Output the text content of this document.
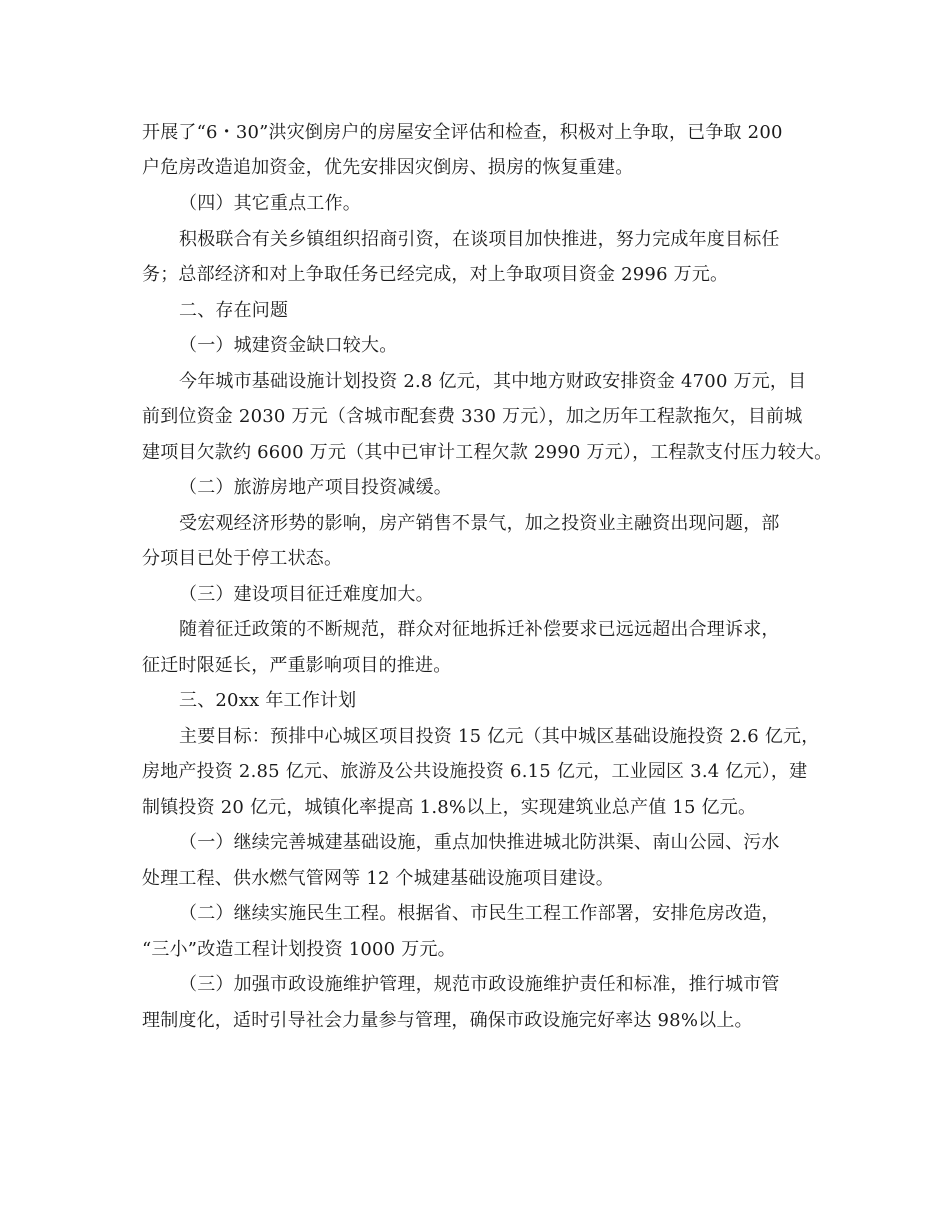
开展了“6・30”洪灾倒房户的房屋安全评估和检查，积极对上争取，已争取 200
户危房改造追加资金，优先安排因灾倒房、损房的恢复重建。
（四）其它重点工作。
积极联合有关乡镇组织招商引资，在谈项目加快推进，努力完成年度目标任
务；总部经济和对上争取任务已经完成，对上争取项目资金 2996 万元。
二、存在问题
（一）城建资金缺口较大。
今年城市基础设施计划投资 2.8 亿元，其中地方财政安排资金 4700 万元，目
前到位资金 2030 万元（含城市配套费 330 万元），加之历年工程款拖欠，目前城
建项目欠款约 6600 万元（其中已审计工程欠款 2990 万元），工程款支付压力较大。
（二）旅游房地产项目投资减缓。
受宏观经济形势的影响，房产销售不景气，加之投资业主融资出现问题，部
分项目已处于停工状态。
（三）建设项目征迁难度加大。
随着征迁政策的不断规范，群众对征地拆迁补偿要求已远远超出合理诉求，
征迁时限延长，严重影响项目的推进。
三、20xx 年工作计划
主要目标：预排中心城区项目投资 15 亿元（其中城区基础设施投资 2.6 亿元，
房地产投资 2.85 亿元、旅游及公共设施投资 6.15 亿元，工业园区 3.4 亿元），建
制镇投资 20 亿元，城镇化率提高 1.8%以上，实现建筑业总产值 15 亿元。
（一）继续完善城建基础设施，重点加快推进城北防洪渠、南山公园、污水
处理工程、供水燃气管网等 12 个城建基础设施项目建设。
（二）继续实施民生工程。根据省、市民生工程工作部署，安排危房改造，
“三小”改造工程计划投资 1000 万元。
（三）加强市政设施维护管理，规范市政设施维护责任和标准，推行城市管
理制度化，适时引导社会力量参与管理，确保市政设施完好率达 98%以上。
